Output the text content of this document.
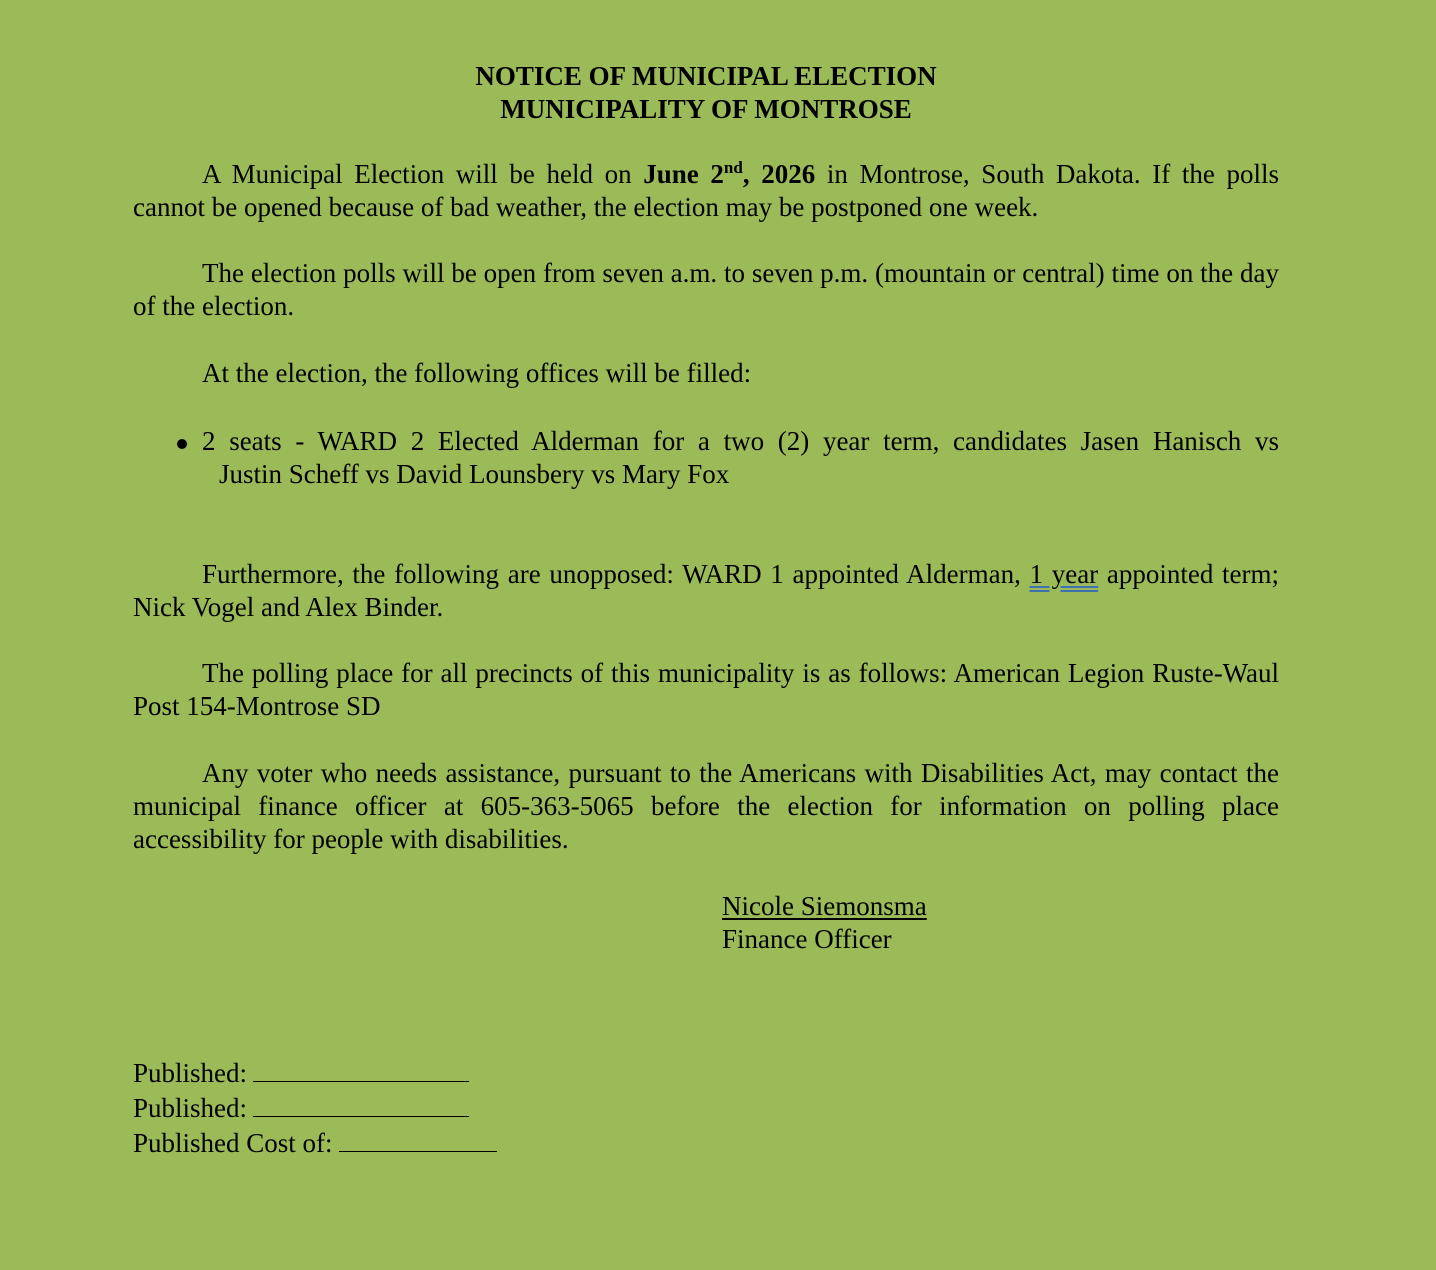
NOTICE OF MUNICIPAL ELECTION
MUNICIPALITY OF MONTROSE

A Municipal Election will be held on June 2nd, 2026 in Montrose, South Dakota. If the polls cannot be opened because of bad weather, the election may be postponed one week.

The election polls will be open from seven a.m. to seven p.m. (mountain or central) time on the day of the election.

At the election, the following offices will be filled:

2 seats - WARD 2 Elected Alderman for a two (2) year term, candidates Jasen Hanisch vs
Justin Scheff vs David Lounsbery vs Mary Fox

Furthermore, the following are unopposed: WARD 1 appointed Alderman, 1 year appointed term; Nick Vogel and Alex Binder.

The polling place for all precincts of this municipality is as follows: American Legion Ruste-Waul Post 154-Montrose SD

Any voter who needs assistance, pursuant to the Americans with Disabilities Act, may contact the municipal finance officer at 605-363-5065 before the election for information on polling place accessibility for people with disabilities.

Nicole Siemonsma
Finance Officer
Published:
Published:
Published Cost of:
